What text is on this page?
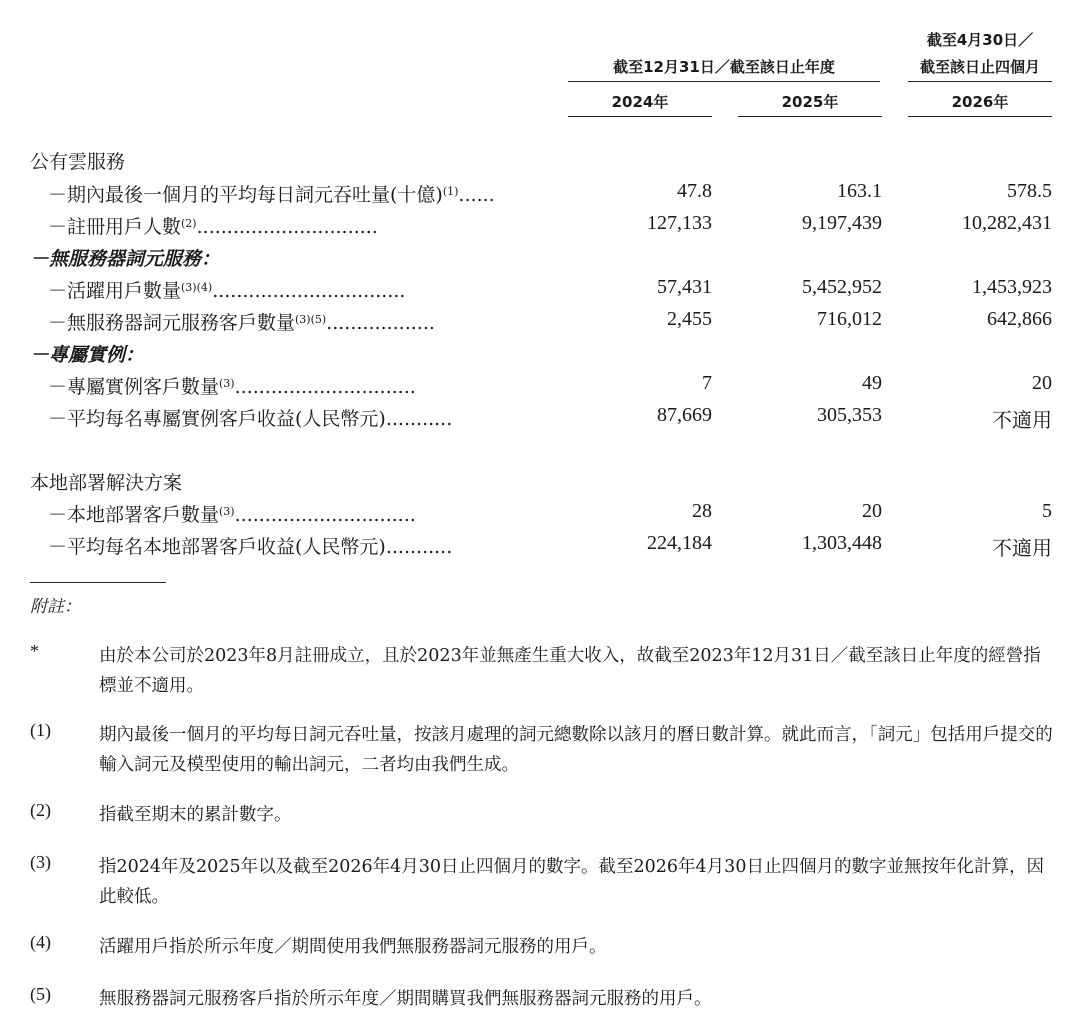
截至12月31日／截至該日止年度
截至4月30日／
截至該日止四個月
2024年	2025年	2026年
公有雲服務
－期內最後一個月的平均每日詞元吞吐量(十億)$^{(1)}$......	47.8	163.1	578.5
－註冊用戶人數$^{(2)}$..............................	127,133	9,197,439	10,282,431
－無服務器詞元服務：
－活躍用戶數量$^{(3)(4)}$................................	57,431	5,452,952	1,453,923
－無服務器詞元服務客戶數量$^{(3)(5)}$..................	2,455	716,012	642,866
－專屬實例：
－專屬實例客戶數量$^{(3)}$..............................	7	49	20
－平均每名專屬實例客戶收益(人民幣元)...........	87,669	305,353	不適用
本地部署解決方案
－本地部署客戶數量$^{(3)}$..............................	28	20	5
－平均每名本地部署客戶收益(人民幣元)...........	224,184	1,303,448	不適用
附註：
*	由於本公司於2023年8月註冊成立，且於2023年並無產生重大收入，故截至2023年12月31日／截至該日止年度的經營指標並不適用。
(1)	期內最後一個月的平均每日詞元吞吐量，按該月處理的詞元總數除以該月的曆日數計算。就此而言，「詞元」包括用戶提交的輸入詞元及模型使用的輸出詞元，二者均由我們生成。
(2)	指截至期末的累計數字。
(3)	指2024年及2025年以及截至2026年4月30日止四個月的數字。截至2026年4月30日止四個月的數字並無按年化計算，因此較低。
(4)	活躍用戶指於所示年度／期間使用我們無服務器詞元服務的用戶。
(5)	無服務器詞元服務客戶指於所示年度／期間購買我們無服務器詞元服務的用戶。
